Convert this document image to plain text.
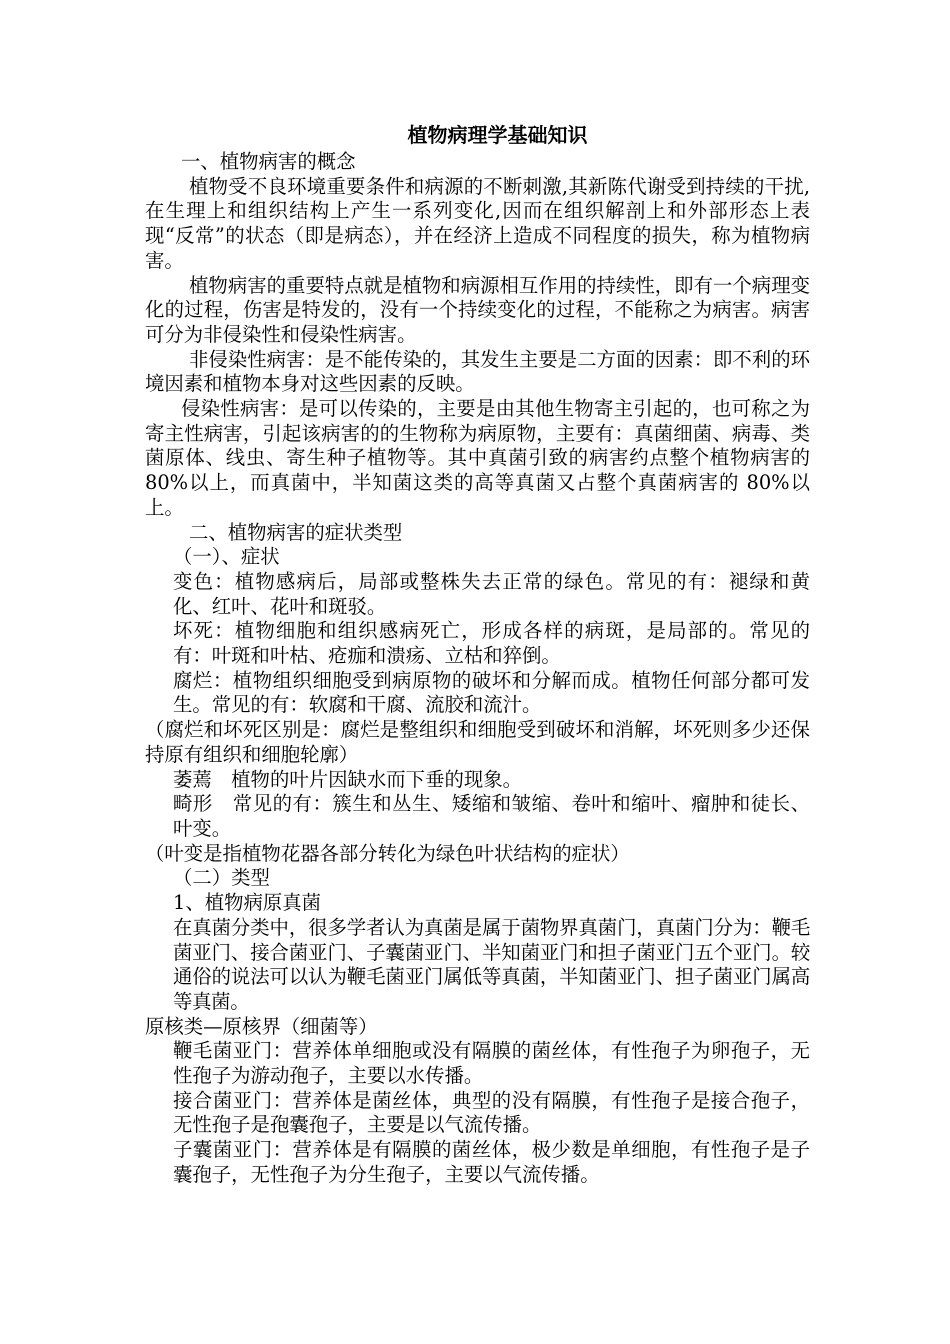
植物病理学基础知识

一、植物病害的概念

植物受不良环境重要条件和病源的不断刺激,其新陈代谢受到持续的干扰,在生理上和组织结构上产生一系列变化,因而在组织解剖上和外部形态上表现“反常”的状态（即是病态），并在经济上造成不同程度的损失，称为植物病害。

植物病害的重要特点就是植物和病源相互作用的持续性，即有一个病理变化的过程，伤害是特发的，没有一个持续变化的过程，不能称之为病害。病害可分为非侵染性和侵染性病害。

非侵染性病害：是不能传染的，其发生主要是二方面的因素：即不利的环境因素和植物本身对这些因素的反映。

侵染性病害：是可以传染的，主要是由其他生物寄主引起的，也可称之为寄主性病害，引起该病害的的生物称为病原物，主要有：真菌细菌、病毒、类菌原体、线虫、寄生种子植物等。其中真菌引致的病害约点整个植物病害的 80%以上，而真菌中，半知菌这类的高等真菌又占整个真菌病害的 80%以上。

二、植物病害的症状类型

（一）、症状

变色：植物感病后，局部或整株失去正常的绿色。常见的有：褪绿和黄化、红叶、花叶和斑驳。

坏死：植物细胞和组织感病死亡，形成各样的病斑，是局部的。常见的有：叶斑和叶枯、疮痂和溃疡、立枯和猝倒。

腐烂：植物组织细胞受到病原物的破坏和分解而成。植物任何部分都可发生。常见的有：软腐和干腐、流胶和流汁。

（腐烂和坏死区别是：腐烂是整组织和细胞受到破坏和消解，坏死则多少还保持原有组织和细胞轮廓）

萎蔫　植物的叶片因缺水而下垂的现象。

畸形　常见的有：簇生和丛生、矮缩和皱缩、卷叶和缩叶、瘤肿和徒长、叶变。

（叶变是指植物花器各部分转化为绿色叶状结构的症状）

（二）类型

1、植物病原真菌

在真菌分类中，很多学者认为真菌是属于菌物界真菌门，真菌门分为：鞭毛菌亚门、接合菌亚门、子囊菌亚门、半知菌亚门和担子菌亚门五个亚门。较通俗的说法可以认为鞭毛菌亚门属低等真菌，半知菌亚门、担子菌亚门属高等真菌。

原核类—原核界（细菌等）

鞭毛菌亚门：营养体单细胞或没有隔膜的菌丝体，有性孢子为卵孢子，无性孢子为游动孢子，主要以水传播。

接合菌亚门：营养体是菌丝体，典型的没有隔膜，有性孢子是接合孢子，无性孢子是孢囊孢子，主要是以气流传播。

子囊菌亚门：营养体是有隔膜的菌丝体，极少数是单细胞，有性孢子是子囊孢子，无性孢子为分生孢子，主要以气流传播。
